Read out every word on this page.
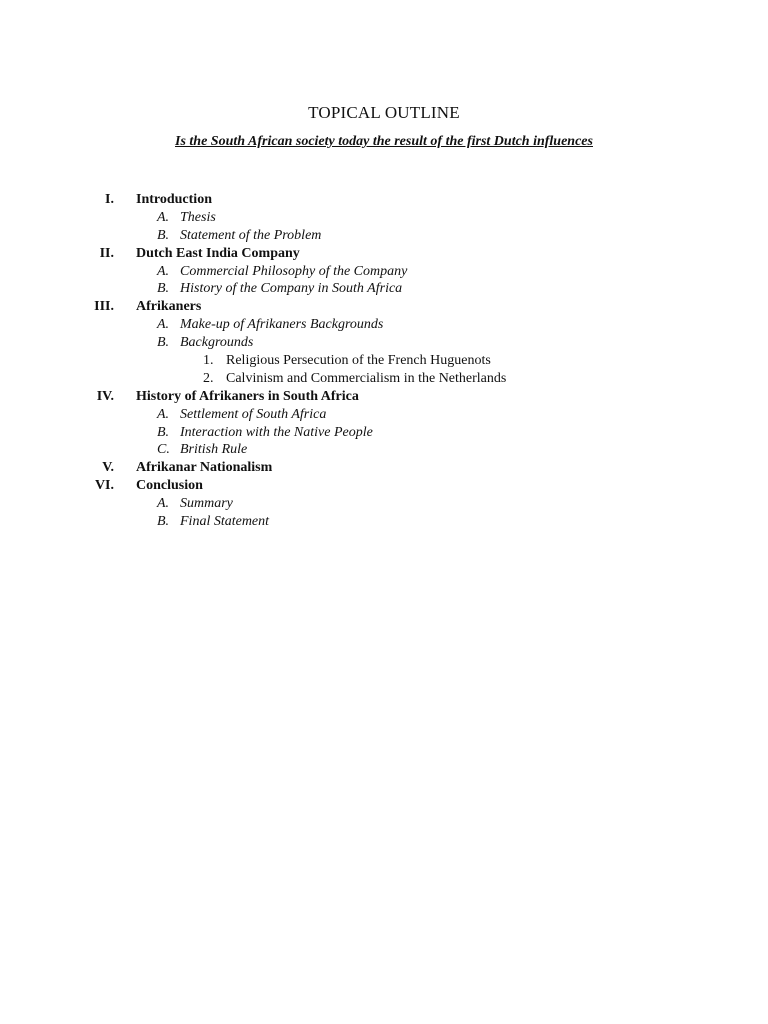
TOPICAL OUTLINE
Is the South African society today the result of the first Dutch influences
I. Introduction
A. Thesis
B. Statement of the Problem
II. Dutch East India Company
A. Commercial Philosophy of the Company
B. History of the Company in South Africa
III. Afrikaners
A. Make-up of Afrikaners Backgrounds
B. Backgrounds
1. Religious Persecution of the French Huguenots
2. Calvinism and Commercialism in the Netherlands
IV. History of Afrikaners in South Africa
A. Settlement of South Africa
B. Interaction with the Native People
C. British Rule
V. Afrikanar Nationalism
VI. Conclusion
A. Summary
B. Final Statement
